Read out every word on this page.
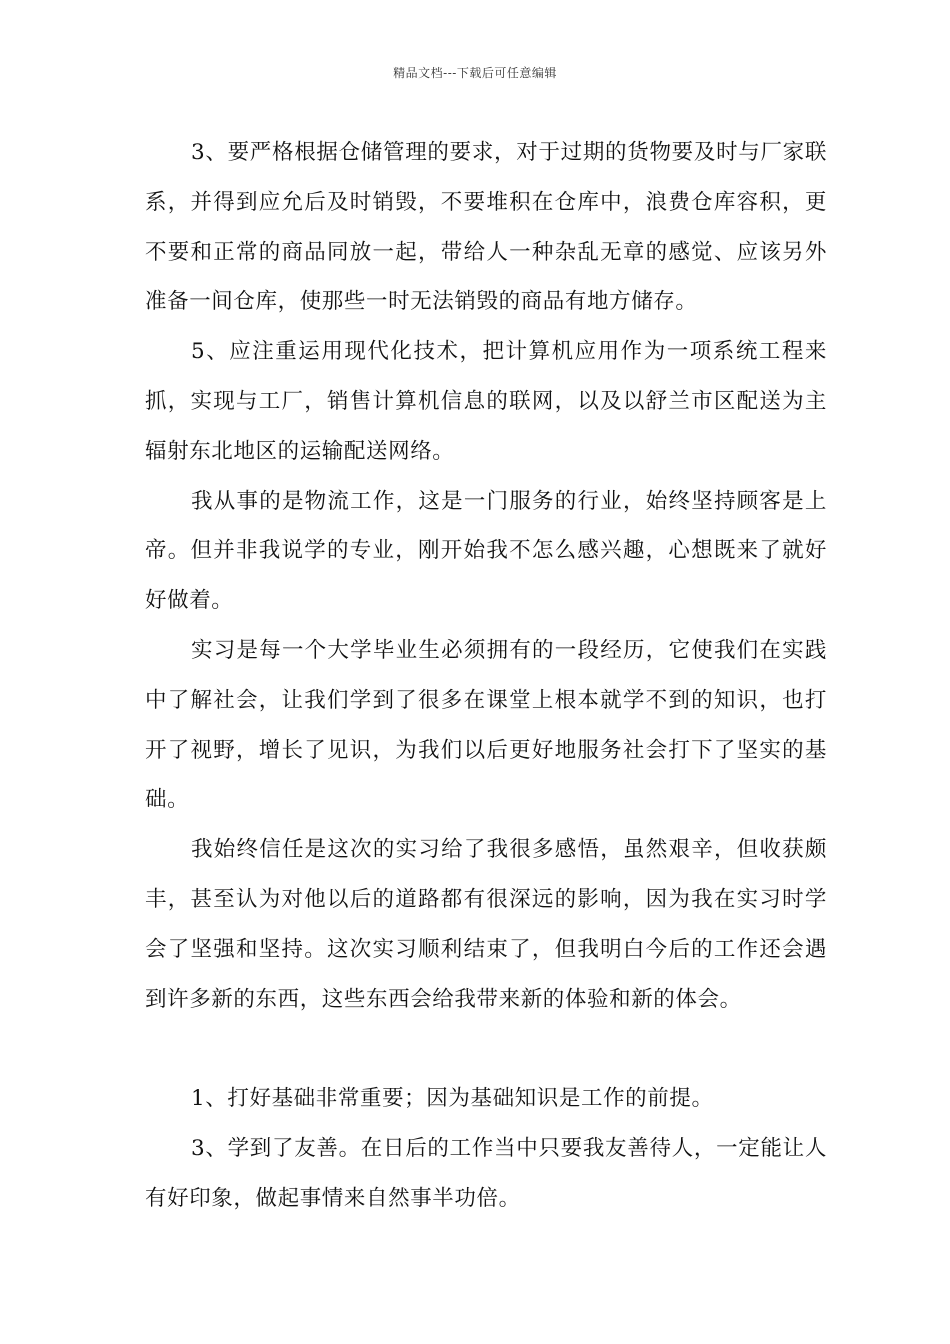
精品文档---下载后可任意编辑

3、要严格根据仓储管理的要求，对于过期的货物要及时与厂家联系，并得到应允后及时销毁，不要堆积在仓库中，浪费仓库容积，更不要和正常的商品同放一起，带给人一种杂乱无章的感觉、应该另外准备一间仓库，使那些一时无法销毁的商品有地方储存。

5、应注重运用现代化技术，把计算机应用作为一项系统工程来抓，实现与工厂，销售计算机信息的联网，以及以舒兰市区配送为主辐射东北地区的运输配送网络。

我从事的是物流工作，这是一门服务的行业，始终坚持顾客是上帝。但并非我说学的专业，刚开始我不怎么感兴趣，心想既来了就好好做着。

实习是每一个大学毕业生必须拥有的一段经历，它使我们在实践中了解社会，让我们学到了很多在课堂上根本就学不到的知识，也打开了视野，增长了见识，为我们以后更好地服务社会打下了坚实的基础。

我始终信任是这次的实习给了我很多感悟，虽然艰辛，但收获颇丰，甚至认为对他以后的道路都有很深远的影响，因为我在实习时学会了坚强和坚持。这次实习顺利结束了，但我明白今后的工作还会遇到许多新的东西，这些东西会给我带来新的体验和新的体会。

1、打好基础非常重要；因为基础知识是工作的前提。

3、学到了友善。在日后的工作当中只要我友善待人，一定能让人有好印象，做起事情来自然事半功倍。
